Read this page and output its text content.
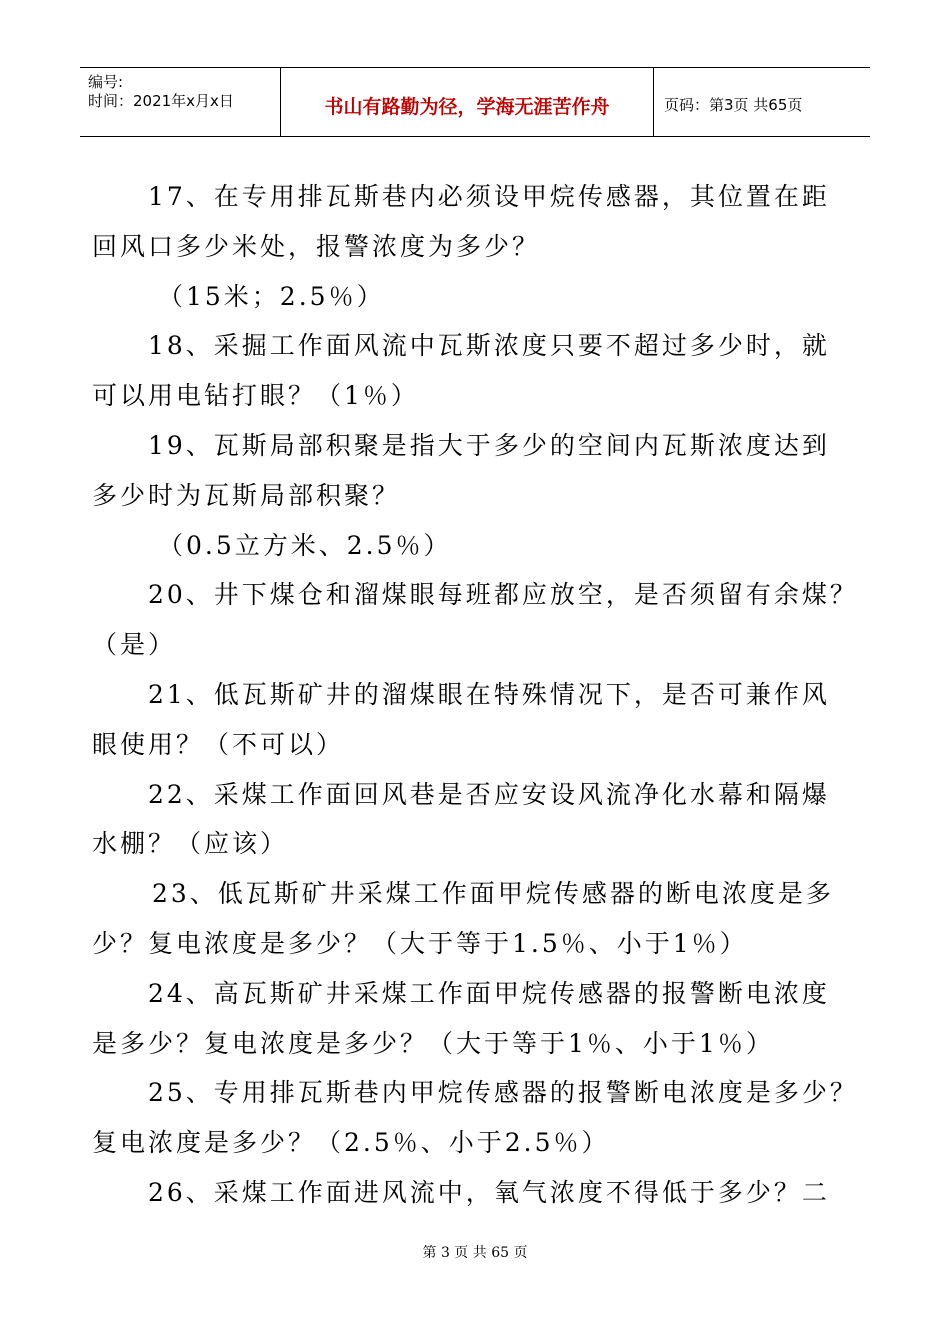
编号:
时间：2021年x月x日	书山有路勤为径，学海无涯苦作舟	页码：第3页 共65页

17、在专用排瓦斯巷内必须设甲烷传感器，其位置在距

回风口多少米处，报警浓度为多少？

（15米；2.5％）

18、采掘工作面风流中瓦斯浓度只要不超过多少时，就

可以用电钻打眼？（1％）

19、瓦斯局部积聚是指大于多少的空间内瓦斯浓度达到

多少时为瓦斯局部积聚？

（0.5立方米、2.5％）

20、井下煤仓和溜煤眼每班都应放空，是否须留有余煤？

（是）

21、低瓦斯矿井的溜煤眼在特殊情况下，是否可兼作风

眼使用？（不可以）

22、采煤工作面回风巷是否应安设风流净化水幕和隔爆

水棚？（应该）

23、低瓦斯矿井采煤工作面甲烷传感器的断电浓度是多

少？复电浓度是多少？（大于等于1.5％、小于1％）

24、高瓦斯矿井采煤工作面甲烷传感器的报警断电浓度

是多少？复电浓度是多少？（大于等于1％、小于1％）

25、专用排瓦斯巷内甲烷传感器的报警断电浓度是多少？

复电浓度是多少？（2.5％、小于2.5％）

26、采煤工作面进风流中，氧气浓度不得低于多少？二

第 3 页 共 65 页
